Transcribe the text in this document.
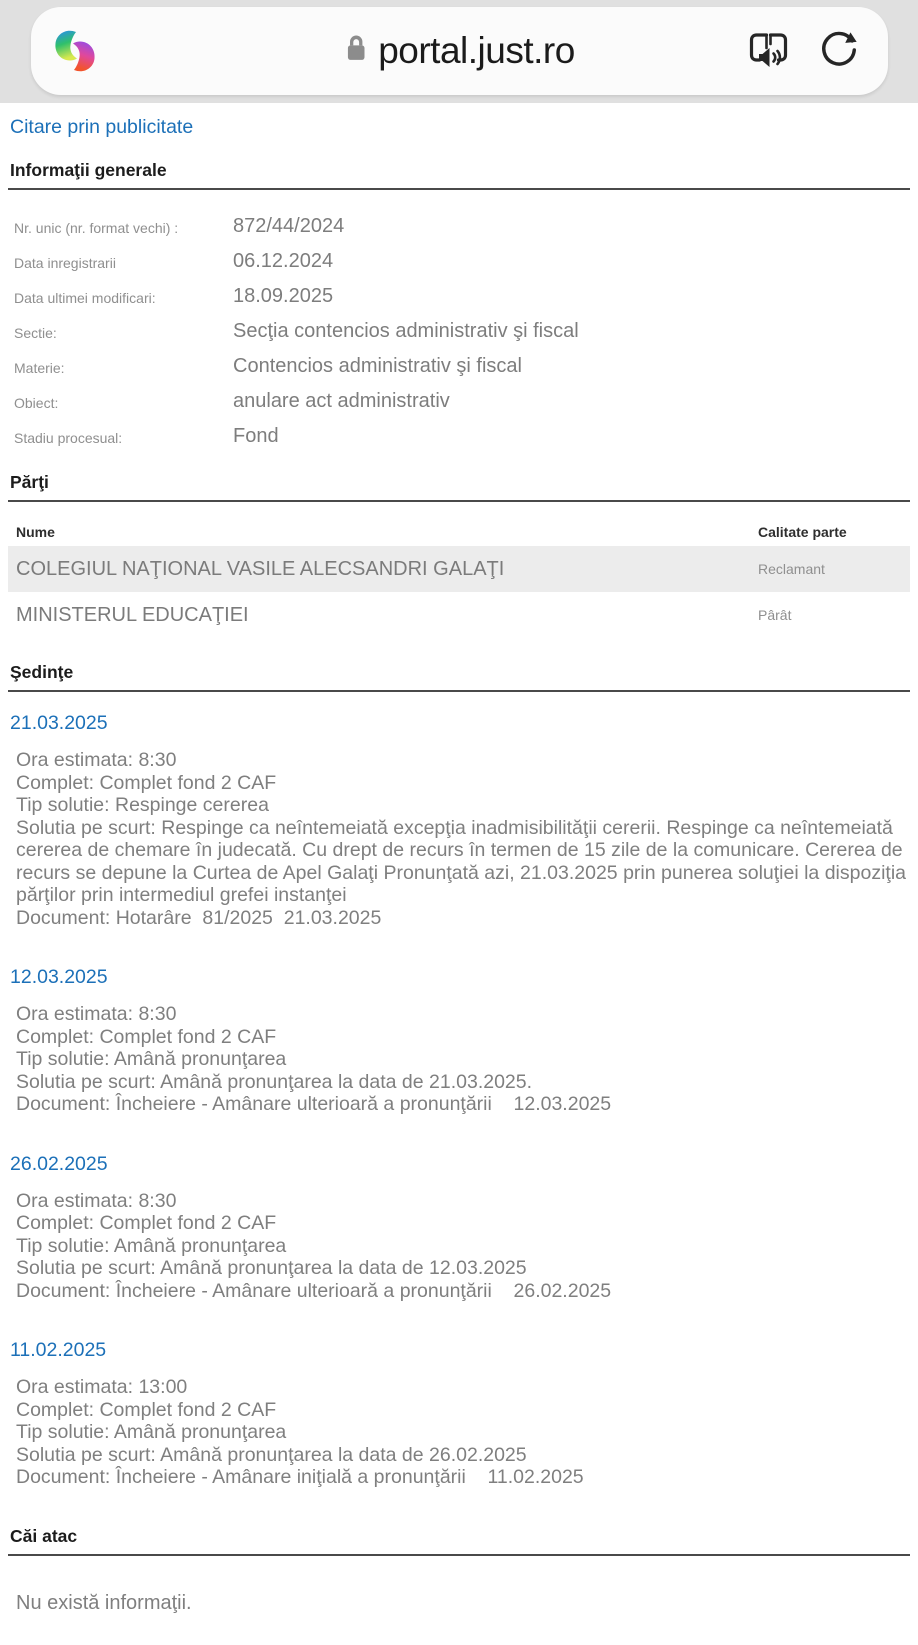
portal.just.ro
Citare prin publicitate
Informaţii generale
Nr. unic (nr. format vechi) :	872/44/2024
Data inregistrarii	06.12.2024
Data ultimei modificari:	18.09.2025
Sectie:	Secţia contencios administrativ şi fiscal
Materie:	Contencios administrativ şi fiscal
Obiect:	anulare act administrativ
Stadiu procesual:	Fond
Părţi
Nume	Calitate parte
COLEGIUL NAŢIONAL VASILE ALECSANDRI GALAŢI	Reclamant
MINISTERUL EDUCAŢIEI	Pârât
Şedinţe
21.03.2025
Ora estimata: 8:30
Complet: Complet fond 2 CAF
Tip solutie: Respinge cererea
Solutia pe scurt: Respinge ca neîntemeiată excepţia inadmisibilităţii cererii. Respinge ca neîntemeiată cererea de chemare în judecată. Cu drept de recurs în termen de 15 zile de la comunicare. Cererea de recurs se depune la Curtea de Apel Galaţi Pronunţată azi, 21.03.2025 prin punerea soluţiei la dispoziţia părţilor prin intermediul grefei instanţei
Document: Hotarâre  81/2025  21.03.2025
12.03.2025
Ora estimata: 8:30
Complet: Complet fond 2 CAF
Tip solutie: Amână pronunţarea
Solutia pe scurt: Amână pronunţarea la data de 21.03.2025.
Document: Încheiere - Amânare ulterioară a pronunţării    12.03.2025
26.02.2025
Ora estimata: 8:30
Complet: Complet fond 2 CAF
Tip solutie: Amână pronunţarea
Solutia pe scurt: Amână pronunţarea la data de 12.03.2025
Document: Încheiere - Amânare ulterioară a pronunţării    26.02.2025
11.02.2025
Ora estimata: 13:00
Complet: Complet fond 2 CAF
Tip solutie: Amână pronunţarea
Solutia pe scurt: Amână pronunţarea la data de 26.02.2025
Document: Încheiere - Amânare iniţială a pronunţării    11.02.2025
Căi atac
Nu există informaţii.
